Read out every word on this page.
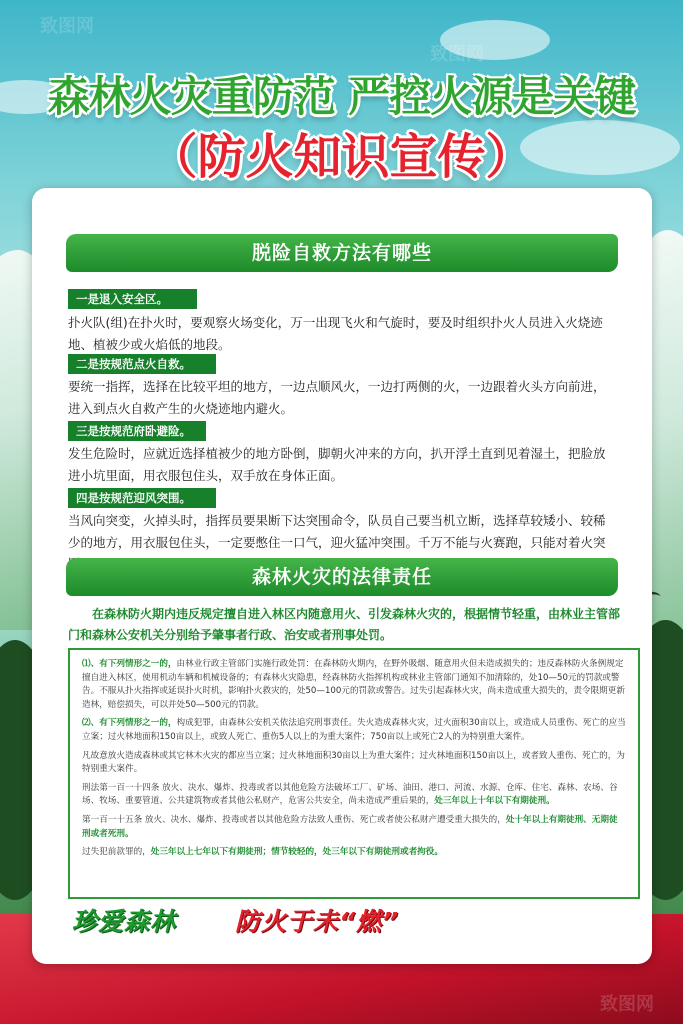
致图网
致图网
致图网
森林火灾重防范 严控火源是关键
（防火知识宣传）
脱险自救方法有哪些
一是退入安全区。
扑火队(组)在扑火时，要观察火场变化，万一出现飞火和气旋时，要及时组织扑火人员进入火烧迹地、植被少或火焰低的地段。
二是按规范点火自救。
要统一指挥，选择在比较平坦的地方，一边点顺风火，一边打两侧的火，一边跟着火头方向前进，进入到点火自救产生的火烧迹地内避火。
三是按规范府卧避险。
发生危险时，应就近选择植被少的地方卧倒，脚朝火冲来的方向，扒开浮土直到见着湿土，把脸放进小坑里面，用衣服包住头，双手放在身体正面。
四是按规范迎风突围。
当风向突变，火掉头时，指挥员要果断下达突围命令，队员自己要当机立断，选择草较矮小、较稀少的地方，用衣服包住头，一定要憋住一口气，迎火猛冲突围。千万不能与火赛跑，只能对着火突
森林火灾的法律责任
在森林防火期内违反规定擅自进入林区内随意用火、引发森林火灾的，根据情节轻重，由林业主管部门和森林公安机关分别给予肇事者行政、治安或者刑事处罚。

⑴、有下列情形之一的，由林业行政主管部门实施行政处罚：在森林防火期内，在野外吸烟、随意用火但未造成损失的；违反森林防火条例规定擅自进入林区，使用机动车辆和机械设备的；有森林火灾隐患，经森林防火指挥机构或林业主管部门通知不加清除的，处10—50元的罚款或警告。不服从扑火指挥或延误扑火时机，影响扑火救灾的，处50—100元的罚款或警告。过失引起森林火灾，尚未造成重大损失的，责令限期更新造林，赔偿损失，可以并处50—500元的罚款。

⑵、有下列情形之一的，构成犯罪，由森林公安机关依法追究刑事责任。失火造成森林火灾，过火面积30亩以上，或造成人员重伤、死亡的应当立案；过火林地面积150亩以上，或致人死亡、重伤5人以上的为重大案件；750亩以上或死亡2人的为特别重大案件。

凡故意放火造成森林或其它林木火灾的都应当立案；过火林地面积30亩以上为重大案件；过火林地面积150亩以上，或者致人重伤、死亡的，为特别重大案件。

刑法第一百一十四条 放火、决水、爆炸、投毒或者以其他危险方法破坏工厂、矿场、油田、港口、河流、水源、仓库、住宅、森林、农场、谷场、牧场、重要管道、公共建筑物或者其他公私财产，危害公共安全，尚未造成严重后果的，处三年以上十年以下有期徒刑。

第一百一十五条 放火、决水、爆炸、投毒或者以其他危险方法致人重伤、死亡或者使公私财产遭受重大损失的，处十年以上有期徒刑、无期徒刑或者死刑。

过失犯前款罪的，处三年以上七年以下有期徒刑；情节较轻的，处三年以下有期徒刑或者拘役。

珍爱森林 防火于未“燃”
